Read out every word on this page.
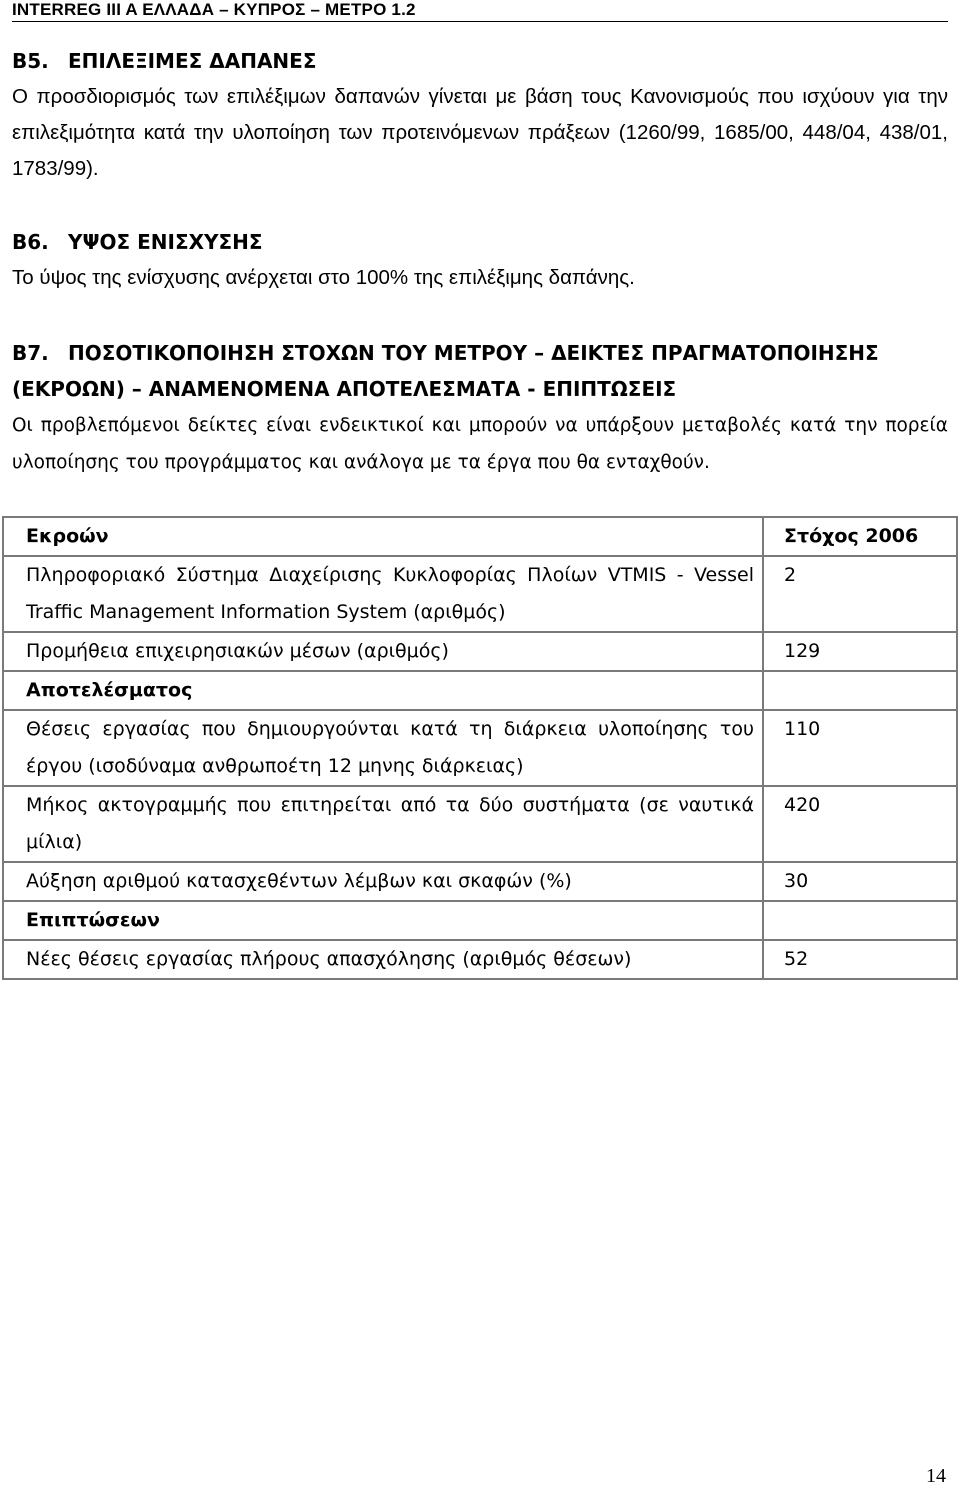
INTERREG III A ΕΛΛΑΔΑ – ΚΥΠΡΟΣ – ΜΕΤΡΟ 1.2

Β5. ΕΠΙΛΕΞΙΜΕΣ ΔΑΠΑΝΕΣ

Ο προσδιορισμός των επιλέξιμων δαπανών γίνεται με βάση τους Κανονισμούς που ισχύουν για την επιλεξιμότητα κατά την υλοποίηση των προτεινόμενων πράξεων (1260/99, 1685/00, 448/04, 438/01, 1783/99).

Β6. ΥΨΟΣ ΕΝΙΣΧΥΣΗΣ

Το ύψος της ενίσχυσης ανέρχεται στο 100% της επιλέξιμης δαπάνης.

Β7. ΠΟΣΟΤΙΚΟΠΟΙΗΣΗ ΣΤΟΧΩΝ ΤΟΥ ΜΕΤΡΟΥ – ΔΕΙΚΤΕΣ ΠΡΑΓΜΑΤΟΠΟΙΗΣΗΣ
(ΕΚΡΟΩΝ) – ΑΝΑΜΕΝΟΜΕΝΑ ΑΠΟΤΕΛΕΣΜΑΤΑ - ΕΠΙΠΤΩΣΕΙΣ

Οι προβλεπόμενοι δείκτες είναι ενδεικτικοί και μπορούν να υπάρξουν μεταβολές κατά την πορεία υλοποίησης του προγράμματος και ανάλογα με τα έργα που θα ενταχθούν.

Εκροών	Στόχος 2006
Πληροφοριακό Σύστημα Διαχείρισης Κυκλοφορίας Πλοίων VTMIS - Vessel Traffic Management Information System (αριθμός)	2
Προμήθεια επιχειρησιακών μέσων (αριθμός)	129
Αποτελέσματος	
Θέσεις εργασίας που δημιουργούνται κατά τη διάρκεια υλοποίησης του έργου (ισοδύναμα ανθρωποέτη 12 μηνης διάρκειας)	110
Μήκος ακτογραμμής που επιτηρείται από τα δύο συστήματα (σε ναυτικά μίλια)	420
Αύξηση αριθμού κατασχεθέντων λέμβων και σκαφών (%)	30
Επιπτώσεων	
Νέες θέσεις εργασίας πλήρους απασχόλησης (αριθμός θέσεων)	52
14
